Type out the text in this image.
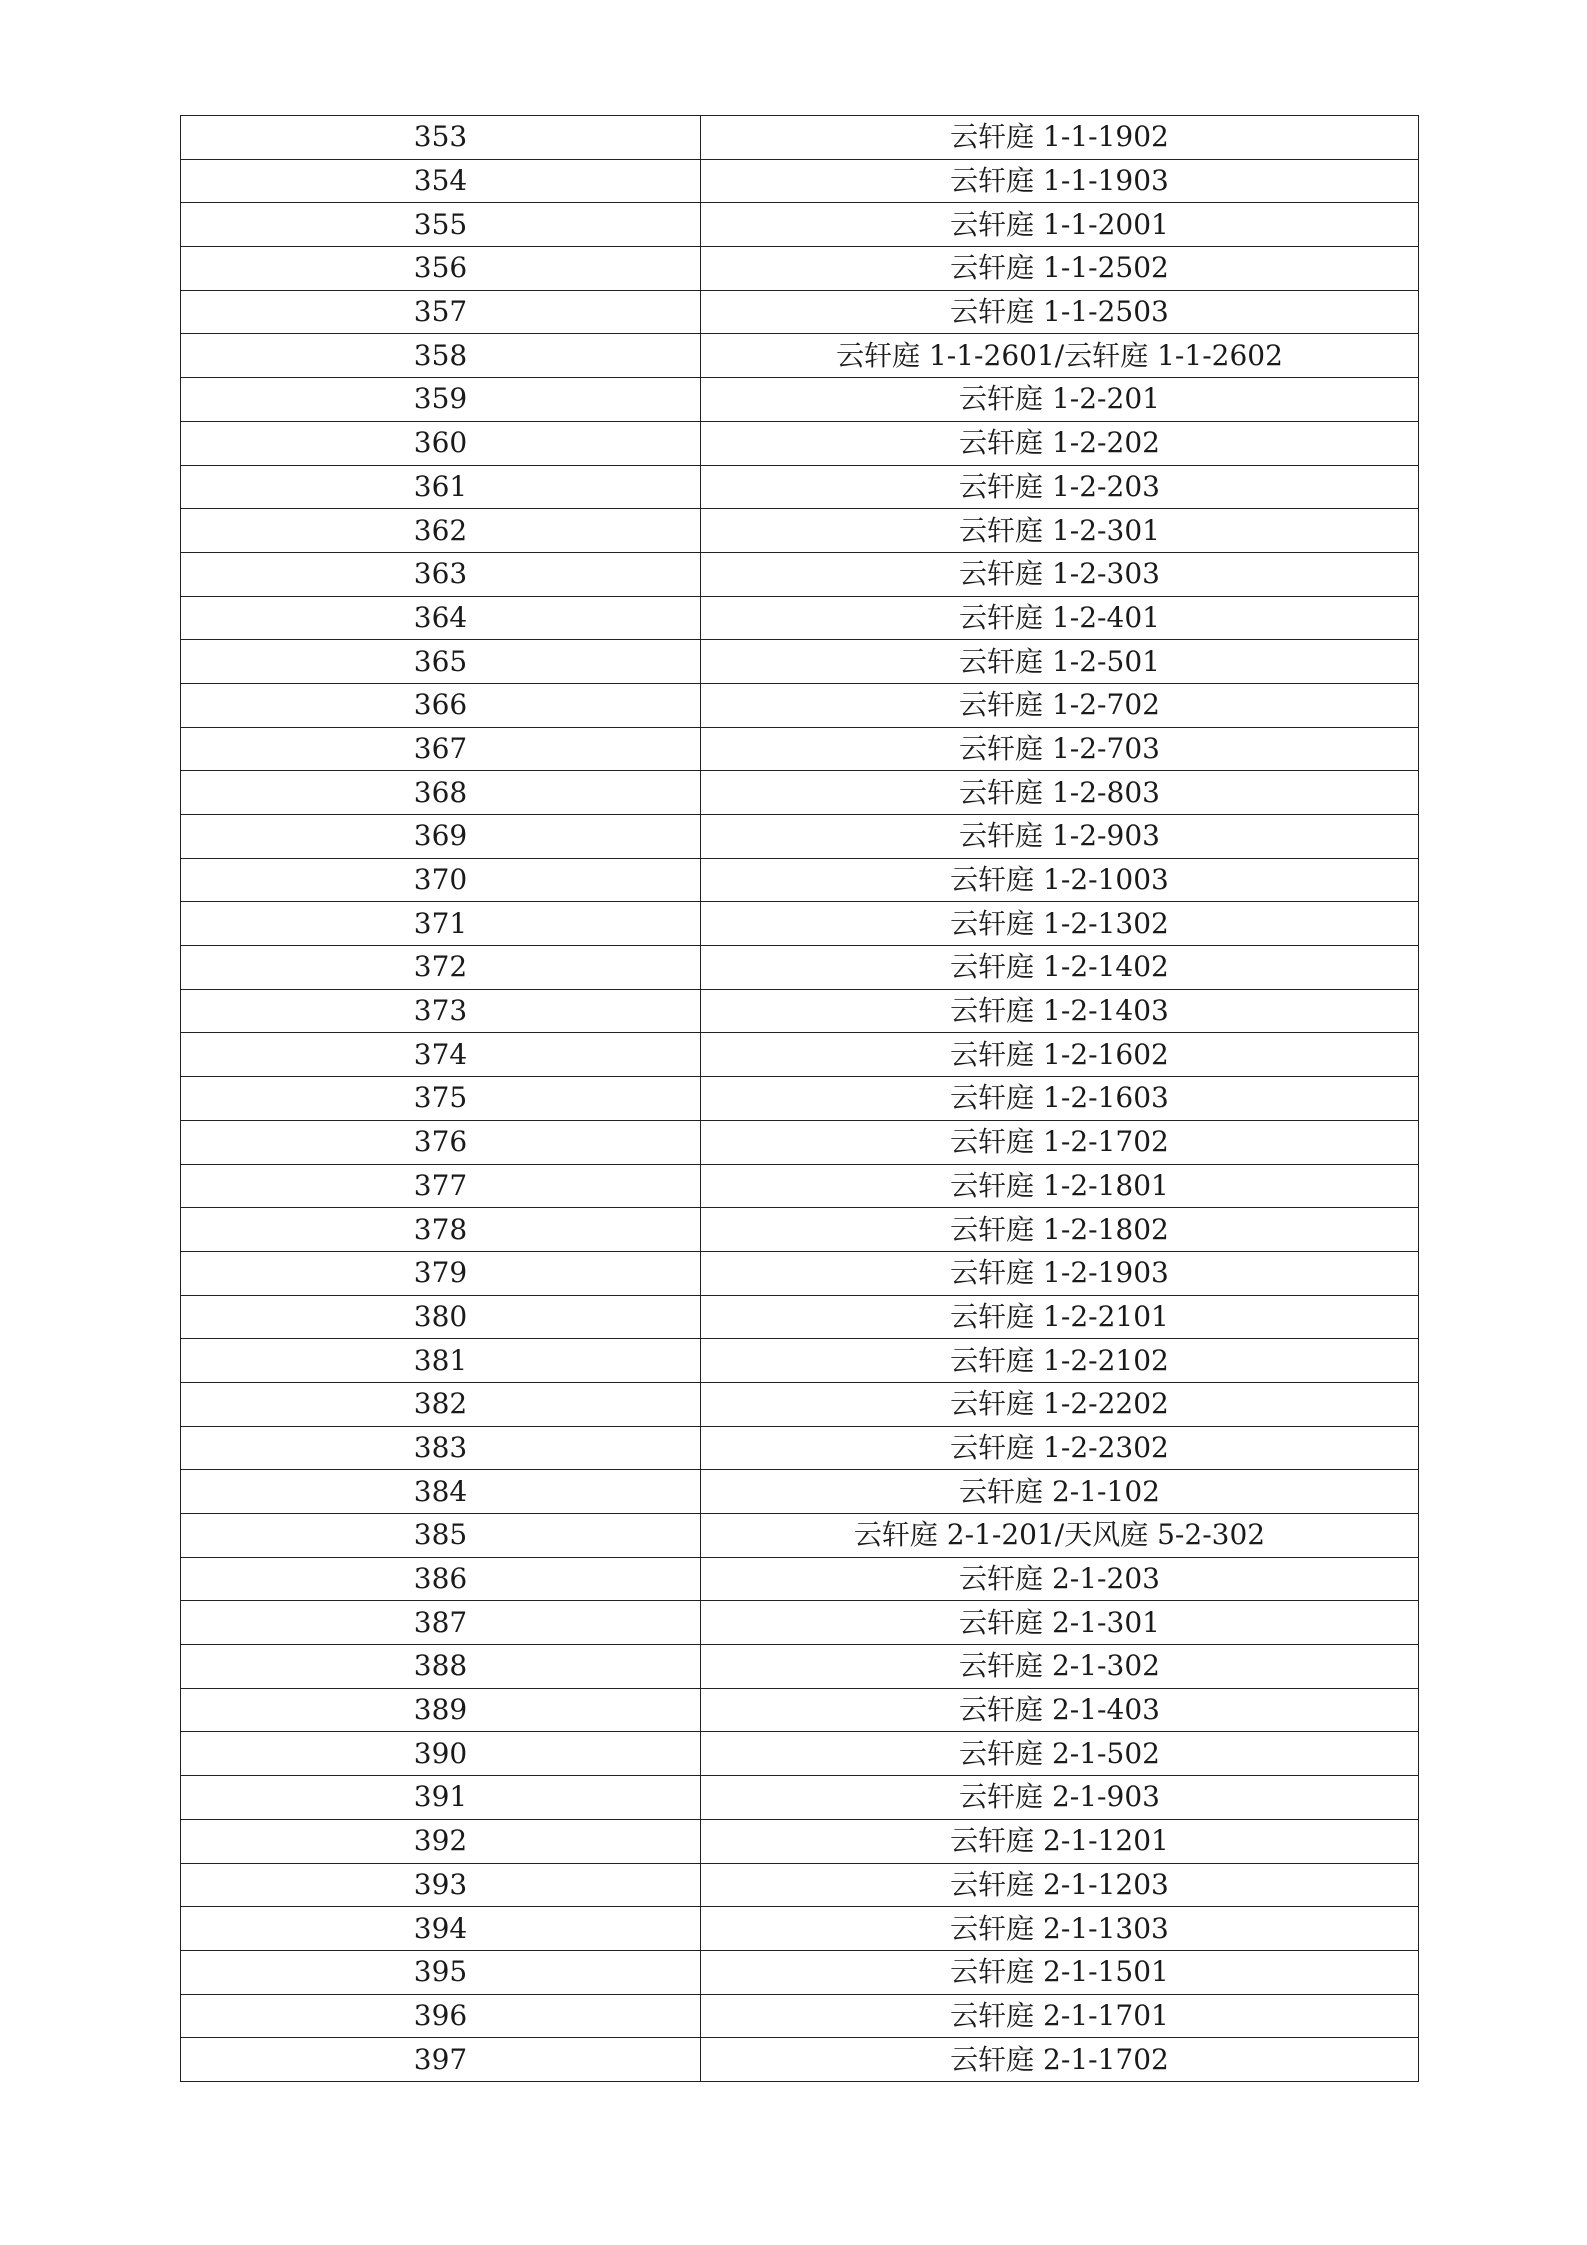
353	云轩庭 1-1-1902
354	云轩庭 1-1-1903
355	云轩庭 1-1-2001
356	云轩庭 1-1-2502
357	云轩庭 1-1-2503
358	云轩庭 1-1-2601/云轩庭 1-1-2602
359	云轩庭 1-2-201
360	云轩庭 1-2-202
361	云轩庭 1-2-203
362	云轩庭 1-2-301
363	云轩庭 1-2-303
364	云轩庭 1-2-401
365	云轩庭 1-2-501
366	云轩庭 1-2-702
367	云轩庭 1-2-703
368	云轩庭 1-2-803
369	云轩庭 1-2-903
370	云轩庭 1-2-1003
371	云轩庭 1-2-1302
372	云轩庭 1-2-1402
373	云轩庭 1-2-1403
374	云轩庭 1-2-1602
375	云轩庭 1-2-1603
376	云轩庭 1-2-1702
377	云轩庭 1-2-1801
378	云轩庭 1-2-1802
379	云轩庭 1-2-1903
380	云轩庭 1-2-2101
381	云轩庭 1-2-2102
382	云轩庭 1-2-2202
383	云轩庭 1-2-2302
384	云轩庭 2-1-102
385	云轩庭 2-1-201/天风庭 5-2-302
386	云轩庭 2-1-203
387	云轩庭 2-1-301
388	云轩庭 2-1-302
389	云轩庭 2-1-403
390	云轩庭 2-1-502
391	云轩庭 2-1-903
392	云轩庭 2-1-1201
393	云轩庭 2-1-1203
394	云轩庭 2-1-1303
395	云轩庭 2-1-1501
396	云轩庭 2-1-1701
397	云轩庭 2-1-1702
